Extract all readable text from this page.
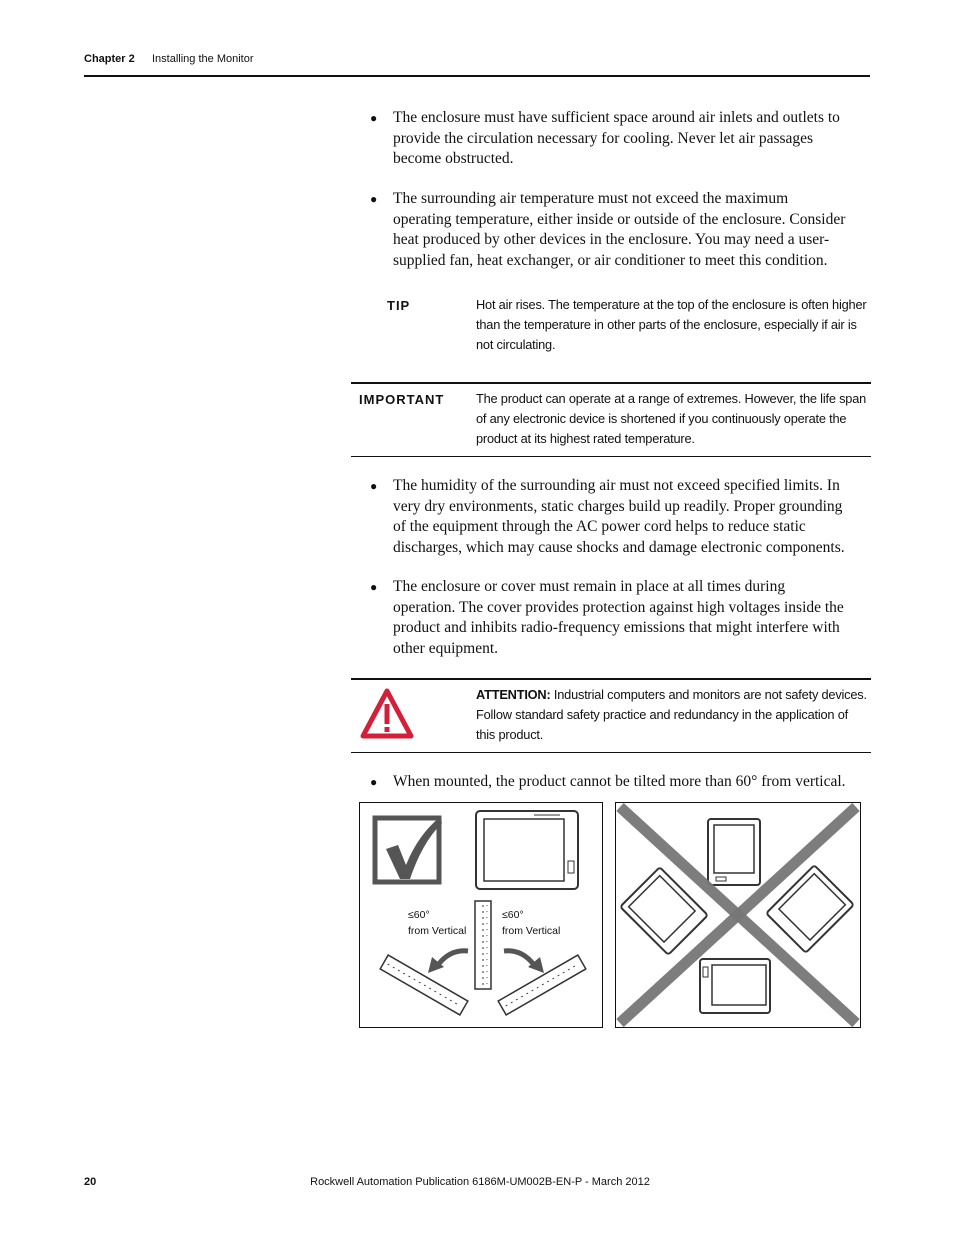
Chapter 2 Installing the Monitor
● The enclosure must have sufficient space around air inlets and outlets to provide the circulation necessary for cooling. Never let air passages become obstructed.
● The surrounding air temperature must not exceed the maximum operating temperature, either inside or outside of the enclosure. Consider heat produced by other devices in the enclosure. You may need a user-supplied fan, heat exchanger, or air conditioner to meet this condition.
TIP	Hot air rises. The temperature at the top of the enclosure is often higher than the temperature in other parts of the enclosure, especially if air is not circulating.
IMPORTANT The product can operate at a range of extremes. However, the life span of any electronic device is shortened if you continuously operate the product at its highest rated temperature.
● The humidity of the surrounding air must not exceed specified limits. In very dry environments, static charges build up readily. Proper grounding of the equipment through the AC power cord helps to reduce static discharges, which may cause shocks and damage electronic components.
● The enclosure or cover must remain in place at all times during operation. The cover provides protection against high voltages inside the product and inhibits radio-frequency emissions that might interfere with other equipment.
ATTENTION: Industrial computers and monitors are not safety devices. Follow standard safety practice and redundancy in the application of this product.
● When mounted, the product cannot be tilted more than 60° from vertical.
≤60°
from Vertical
≤60°
from Vertical
20	Rockwell Automation Publication 6186M-UM002B-EN-P - March 2012
